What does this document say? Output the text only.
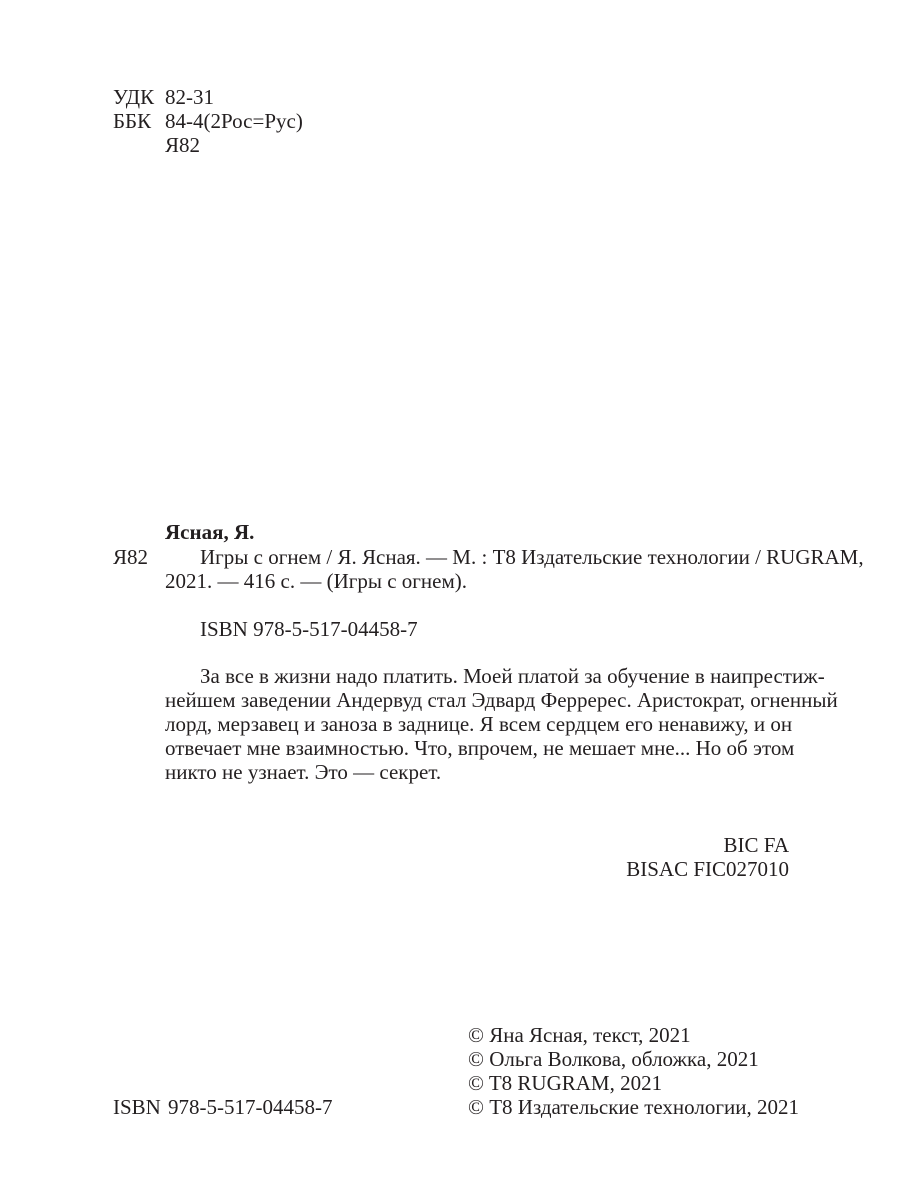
УДК 82-31
ББК 84-4(2Рос=Рус)
Я82
Ясная, Я.
Я82 Игры с огнем / Я. Ясная. — М. : Т8 Издательские технологии / RUGRAM,
2021. — 416 с. — (Игры с огнем).
ISBN 978-5-517-04458-7
За все в жизни надо платить. Моей платой за обучение в наипрестиж-
нейшем заведении Андервуд стал Эдвард Ферререс. Аристократ, огненный
лорд, мерзавец и заноза в заднице. Я всем сердцем его ненавижу, и он
отвечает мне взаимностью. Что, впрочем, не мешает мне... Но об этом
никто не узнает. Это — секрет.
BIC FA
BISAC FIC027010
© Яна Ясная, текст, 2021
© Ольга Волкова, обложка, 2021
© T8 RUGRAM, 2021
© Т8 Издательские технологии, 2021
ISBN 978-5-517-04458-7
